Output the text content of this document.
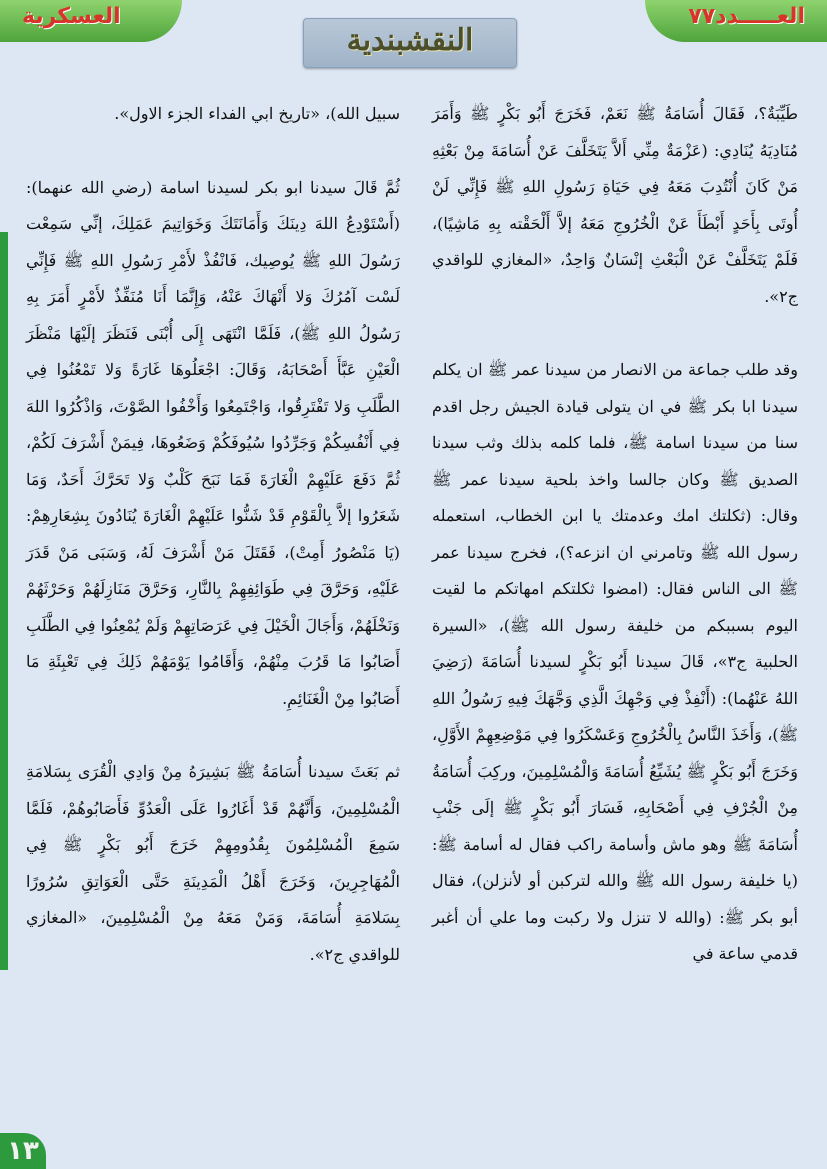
العسكرية	العـــــدد٧٧
النقشبندية

طَيِّبَةٌ؟، فَقَالَ أُسَامَةُ ﷺ نَعَمْ، فَخَرَجَ أَبُو بَكْرٍ ﷺ وَأَمَرَ مُنَادِيَهُ يُنَادِي: (عَزْمَةٌ مِنِّي أَلاَّ يَتَخَلَّفَ عَنْ أُسَامَةَ مِنْ بَعْثِهِ مَنْ كَانَ أُنْتُدِبَ مَعَهُ فِي حَيَاةِ رَسُولِ اللهِ ﷺ فَإِنِّي لَنْ أُوتَى بِأَحَدٍ أَبْطَأَ عَنْ الْخُرُوجِ مَعَهُ إلاَّ أَلْحَقْته بِهِ مَاشِيًا)، فَلَمْ يَتَخَلَّفْ عَنْ الْبَعْثِ إنْسَانٌ وَاحِدٌ، «المغازي للواقدي ج٢».

وقد طلب جماعة من الانصار من سيدنا عمر ﷺ ان يكلم سيدنا ابا بكر ﷺ في ان يتولى قيادة الجيش رجل اقدم سنا من سيدنا اسامة ﷺ، فلما كلمه بذلك وثب سيدنا الصديق ﷺ وكان جالسا واخذ بلحية سيدنا عمر ﷺ وقال: (ثكلتك امك وعدمتك يا ابن الخطاب، استعمله رسول الله ﷺ وتامرني ان انزعه؟)، فخرج سيدنا عمر ﷺ الى الناس فقال: (امضوا ثكلتكم امهاتكم ما لقيت اليوم بسببكم من خليفة رسول الله ﷺ)، «السيرة الحلبية ج٣»، قَالَ سيدنا أَبُو بَكْرٍ لسيدنا أُسَامَةَ (رَضِيَ اللهُ عَنْهُما): (أَنْفِذْ فِي وَجْهِكَ الَّذِي وَجَّهَكَ فِيهِ رَسُولُ اللهِ ﷺ)، وَأَخَذَ النَّاسُ بِالْخُرُوجِ وَعَسْكَرُوا فِي مَوْضِعِهِمْ الأَوَّلِ، وَخَرَجَ أَبُو بَكْرٍ ﷺ يُشَيِّعُ أُسَامَةَ وَالْمُسْلِمِينَ، وركِبَ أُسَامَةُ مِنْ الْجُرْفِ فِي أَصْحَابِهِ، فَسَارَ أَبُو بَكْرٍ ﷺ إلَى جَنْبِ أُسَامَةَ ﷺ وهو ماش وأسامة راكب فقال له أسامة ﷺ: (يا خليفة رسول الله ﷺ والله لتركبن أو لأنزلن)، فقال أبو بكر ﷺ: (والله لا تنزل ولا ركبت وما علي أن أغبر قدمي ساعة في

سبيل الله)، «تاريخ ابي الفداء الجزء الاول».

ثُمَّ قَالَ سيدنا ابو بكر لسيدنا اسامة (رضي الله عنهما): (أَسْتَوْدِعُ اللهَ دِينَكَ وَأَمَانَتَكَ وَخَوَاتِيمَ عَمَلِكَ، إنِّي سَمِعْت رَسُولَ اللهِ ﷺ يُوصِيك، فَانْفُذْ لأَمْرِ رَسُولِ اللهِ ﷺ فَإِنِّي لَسْت آمُرُكَ وَلا أَنْهَاكَ عَنْهُ، وَإِنَّمَا أَنَا مُنَفِّذٌ لأَمْرٍ أَمَرَ بِهِ رَسُولُ اللهِ ﷺ)، فَلَمَّا انْتَهَى إِلَى أُبْنَى فَنَظَرَ إلَيْهَا مَنْظَرَ الْعَيْنِ عَبَّأَ أَصْحَابَهُ، وَقَالَ: اجْعَلُوهَا غَارَةً وَلا تَمْعُنُوا فِي الطَّلَبِ وَلا تَفْتَرِقُوا، وَاجْتَمِعُوا وَأَخْفُوا الصَّوْتَ، وَاذْكُرُوا اللهَ فِي أَنْفُسِكُمْ وَجَرِّدُوا سُيُوفَكُمْ وَضَعُوهَا، فِيمَنْ أَشْرَفَ لَكُمْ، ثُمَّ دَفَعَ عَلَيْهِمْ الْغَارَةَ فَمَا نَبَحَ كَلْبٌ وَلا تَحَرَّكَ أَحَدٌ، وَمَا شَعَرُوا إلاَّ بِالْقَوْمِ قَدْ شَنُّوا عَلَيْهِمْ الْغَارَةَ يُنَادُونَ بِشِعَارِهِمْ: (يَا مَنْصُورُ أَمِتْ)، فَقَتَلَ مَنْ أَشْرَفَ لَهُ، وَسَبَى مَنْ قَدَرَ عَلَيْهِ، وَحَرَّقَ فِي طَوَائِفِهِمْ بِالنَّارِ، وَحَرَّقَ مَنَازِلَهُمْ وَحَرْثَهُمْ وَنَخْلَهُمْ، وَأَجَالَ الْخَيْلَ فِي عَرَصَاتِهِمْ وَلَمْ يُمْعِنُوا فِي الطَّلَبِ أَصَابُوا مَا قَرُبَ مِنْهُمْ، وَأَقَامُوا يَوْمَهُمْ ذَلِكَ فِي تَعْبِئَةِ مَا أَصَابُوا مِنْ الْغَنَائِمِ.

ثم بَعَثَ سيدنا أُسَامَةُ ﷺ بَشِيرَهُ مِنْ وَادِي الْقُرَى بِسَلامَةِ الْمُسْلِمِينَ، وَأَنَّهُمْ قَدْ أَغَارُوا عَلَى الْعَدُوِّ فَأَصَابُوهُمْ، فَلَمَّا سَمِعَ الْمُسْلِمُونَ بِقُدُومِهِمْ خَرَجَ أَبُو بَكْرٍ ﷺ فِي الْمُهَاجِرِينَ، وَخَرَجَ أَهْلُ الْمَدِينَةِ حَتَّى الْعَوَاتِقِ سُرُورًا بِسَلامَةِ أُسَامَةَ، وَمَنْ مَعَهُ مِنْ الْمُسْلِمِينَ، «المغازي للواقدي ج٢».

١٣
